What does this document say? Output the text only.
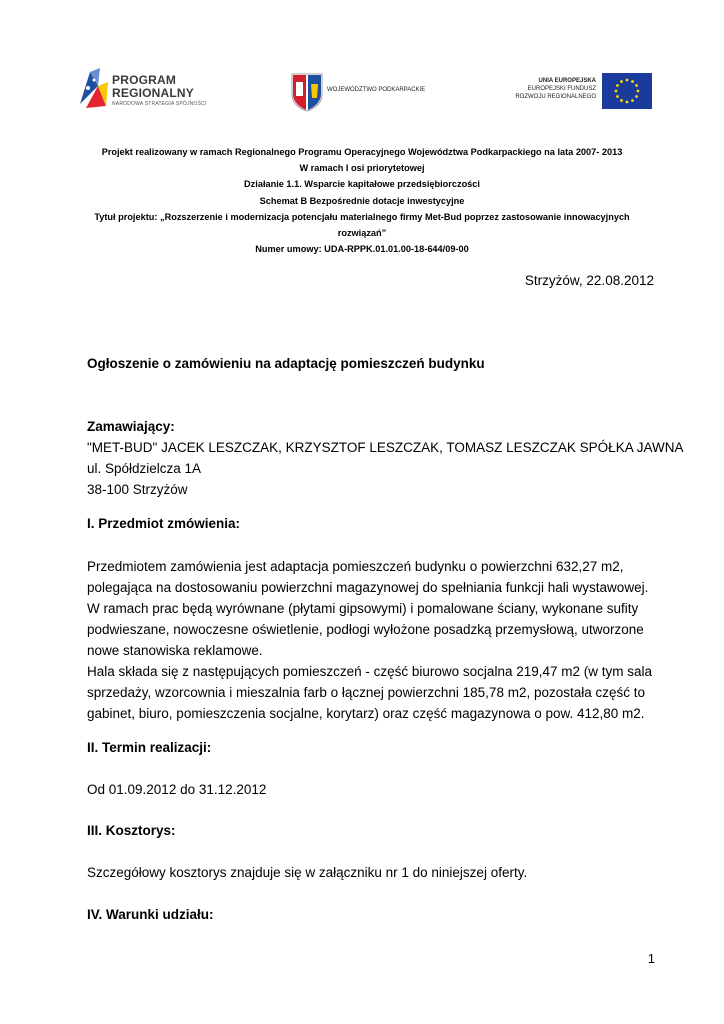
PROGRAM
REGIONALNY
NARODOWA STRATEGIA SPÓJNOŚCI
WOJEWÓDZTWO PODKARPACKIE
UNIA EUROPEJSKA
EUROPEJSKI FUNDUSZ
ROZWOJU REGIONALNEGO
Projekt realizowany w ramach Regionalnego Programu Operacyjnego Województwa Podkarpackiego na lata 2007- 2013
W ramach I osi priorytetowej
Działanie 1.1. Wsparcie kapitałowe przedsiębiorczości
Schemat B Bezpośrednie dotacje inwestycyjne
Tytuł projektu: „Rozszerzenie i modernizacja potencjału materialnego firmy Met-Bud poprzez zastosowanie innowacyjnych
rozwiązań”
Numer umowy: UDA-RPPK.01.01.00-18-644/09-00
Strzyżów, 22.08.2012
Ogłoszenie o zamówieniu na adaptację pomieszczeń budynku
Zamawiający:
"MET-BUD" JACEK LESZCZAK, KRZYSZTOF LESZCZAK, TOMASZ LESZCZAK SPÓŁKA JAWNA
ul. Spółdzielcza 1A
38-100 Strzyżów
I. Przedmiot zmówienia:
Przedmiotem zamówienia jest adaptacja pomieszczeń budynku o powierzchni 632,27 m2,
polegająca na dostosowaniu powierzchni magazynowej do spełniania funkcji hali wystawowej.
W ramach prac będą wyrównane (płytami gipsowymi) i pomalowane ściany, wykonane sufity
podwieszane, nowoczesne oświetlenie, podłogi wyłożone posadzką przemysłową, utworzone
nowe stanowiska reklamowe.
Hala składa się z następujących pomieszczeń - część biurowo socjalna 219,47 m2 (w tym sala
sprzedaży, wzorcownia i mieszalnia farb o łącznej powierzchni 185,78 m2, pozostała część to
gabinet, biuro, pomieszczenia socjalne, korytarz) oraz część magazynowa o pow. 412,80 m2.
II. Termin realizacji:
Od 01.09.2012 do 31.12.2012
III. Kosztorys:
Szczegółowy kosztorys znajduje się w załączniku nr 1 do niniejszej oferty.
IV. Warunki udziału:
1
